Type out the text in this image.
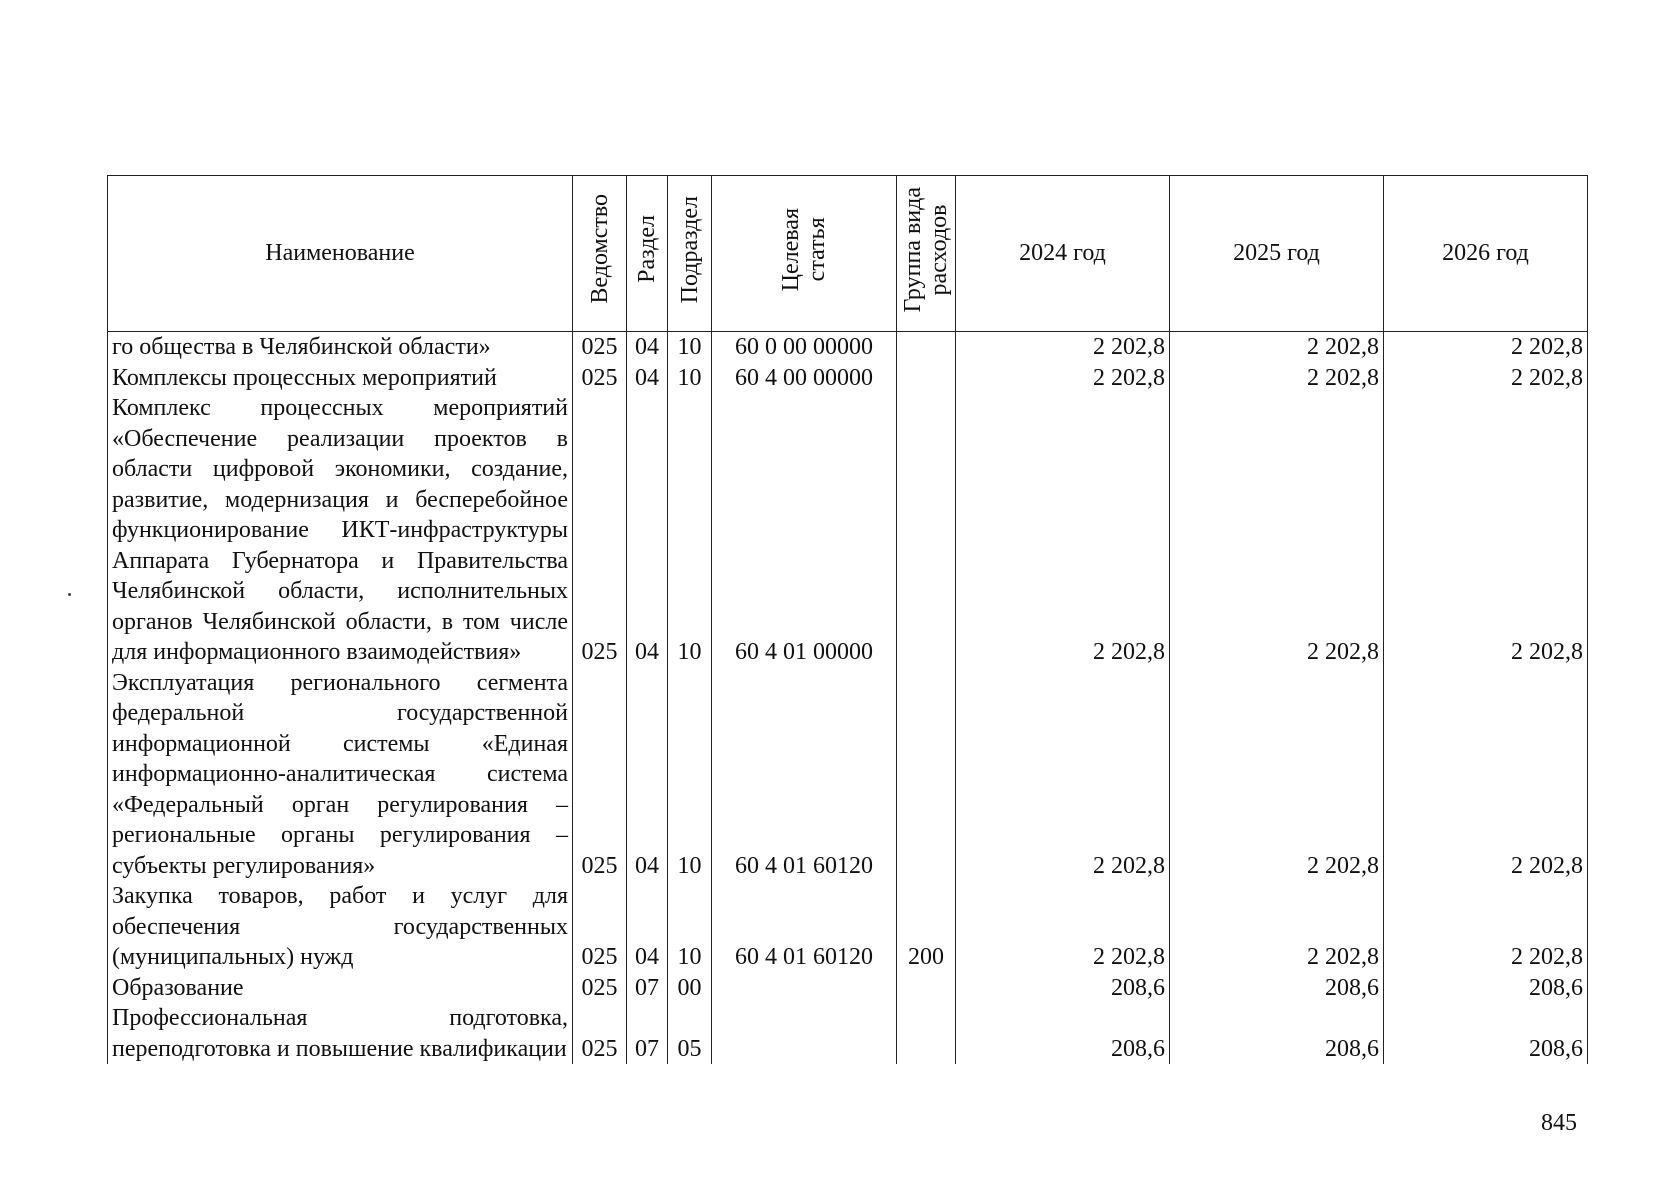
Наименование	Ведомство	Раздел	Подраздел	Целевая статья	Группа вида расходов	2024 год	2025 год	2026 год
го общества в Челябинской области»	025	04	10	60 0 00 00000		2 202,8	2 202,8	2 202,8
Комплексы процессных мероприятий	025	04	10	60 4 00 00000		2 202,8	2 202,8	2 202,8
Комплекс процессных мероприятий «Обеспечение реализации проектов в области цифровой экономики, создание, развитие, модернизация и бесперебойное функционирование ИКТ-инфраструктуры Аппарата Губернатора и Правительства Челябинской области, исполнительных органов Челябинской области, в том числе для информационного взаимодействия»	025	04	10	60 4 01 00000		2 202,8	2 202,8	2 202,8
Эксплуатация регионального сегмента федеральной государственной информационной системы «Единая информационно-аналитическая система «Федеральный орган регулирования – региональные органы регулирования – субъекты регулирования»	025	04	10	60 4 01 60120		2 202,8	2 202,8	2 202,8
Закупка товаров, работ и услуг для обеспечения государственных (муниципальных) нужд	025	04	10	60 4 01 60120	200	2 202,8	2 202,8	2 202,8
Образование	025	07	00			208,6	208,6	208,6
Профессиональная подготовка, переподготовка и повышение квалификации	025	07	05			208,6	208,6	208,6
845
